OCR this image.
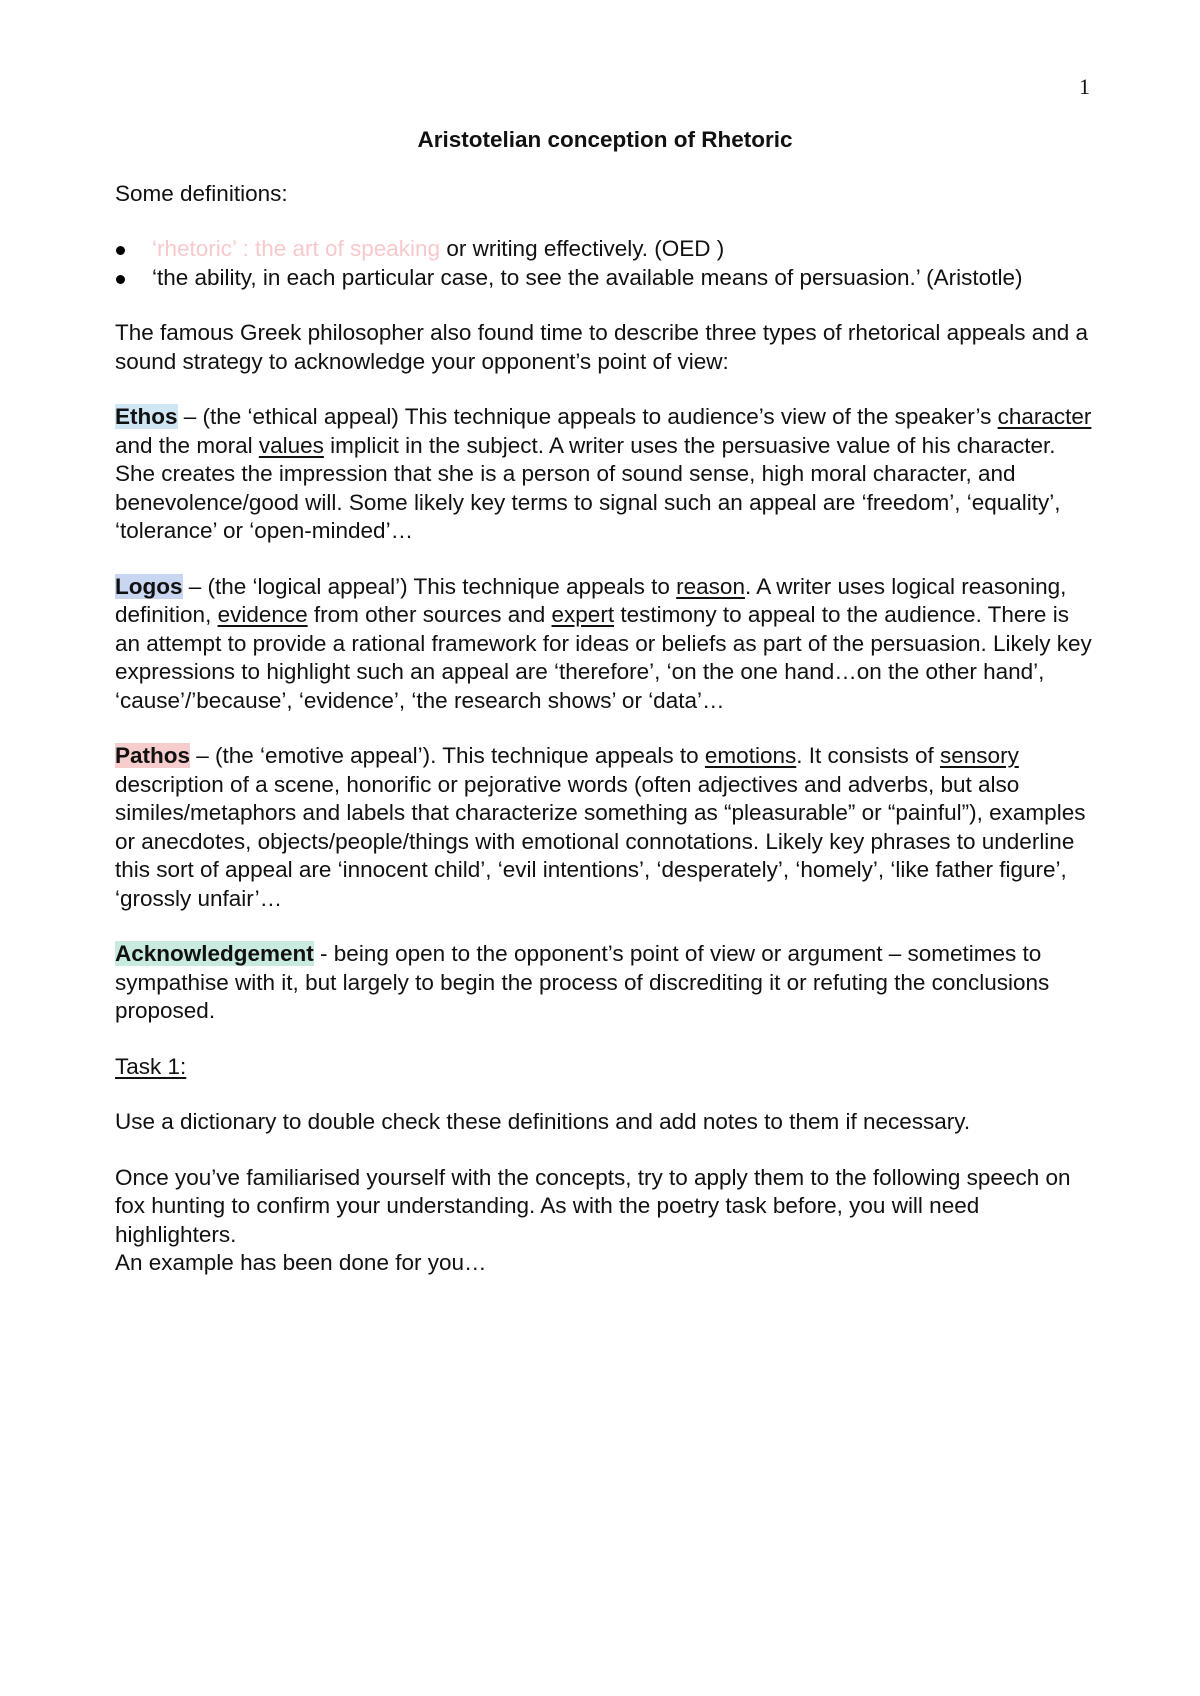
1
Aristotelian conception of Rhetoric

Some definitions:

‘rhetoric’ : the art of speaking or writing effectively. (OED )
‘the ability, in each particular case, to see the available means of persuasion.’ (Aristotle)

The famous Greek philosopher also found time to describe three types of rhetorical appeals and a sound strategy to acknowledge your opponent’s point of view:

Ethos – (the ‘ethical appeal) This technique appeals to audience’s view of the speaker’s character and the moral values implicit in the subject. A writer uses the persuasive value of his character. She creates the impression that she is a person of sound sense, high moral character, and benevolence/good will. Some likely key terms to signal such an appeal are ‘freedom’, ‘equality’, ‘tolerance’ or ‘open-minded’…

Logos – (the ‘logical appeal’) This technique appeals to reason. A writer uses logical reasoning, definition, evidence from other sources and expert testimony to appeal to the audience. There is an attempt to provide a rational framework for ideas or beliefs as part of the persuasion. Likely key expressions to highlight such an appeal are ‘therefore’, ‘on the one hand…on the other hand’, ‘cause’/’because’, ‘evidence’, ‘the research shows’ or ‘data’…

Pathos – (the ‘emotive appeal’). This technique appeals to emotions. It consists of sensory description of a scene, honorific or pejorative words (often adjectives and adverbs, but also similes/metaphors and labels that characterize something as “pleasurable” or “painful”), examples or anecdotes, objects/people/things with emotional connotations. Likely key phrases to underline this sort of appeal are ‘innocent child’, ‘evil intentions’, ‘desperately’, ‘homely’, ‘like father figure’, ‘grossly unfair’…

Acknowledgement - being open to the opponent’s point of view or argument – sometimes to sympathise with it, but largely to begin the process of discrediting it or refuting the conclusions proposed.

Task 1:

Use a dictionary to double check these definitions and add notes to them if necessary.

Once you’ve familiarised yourself with the concepts, try to apply them to the following speech on fox hunting to confirm your understanding. As with the poetry task before, you will need highlighters.

An example has been done for you…
